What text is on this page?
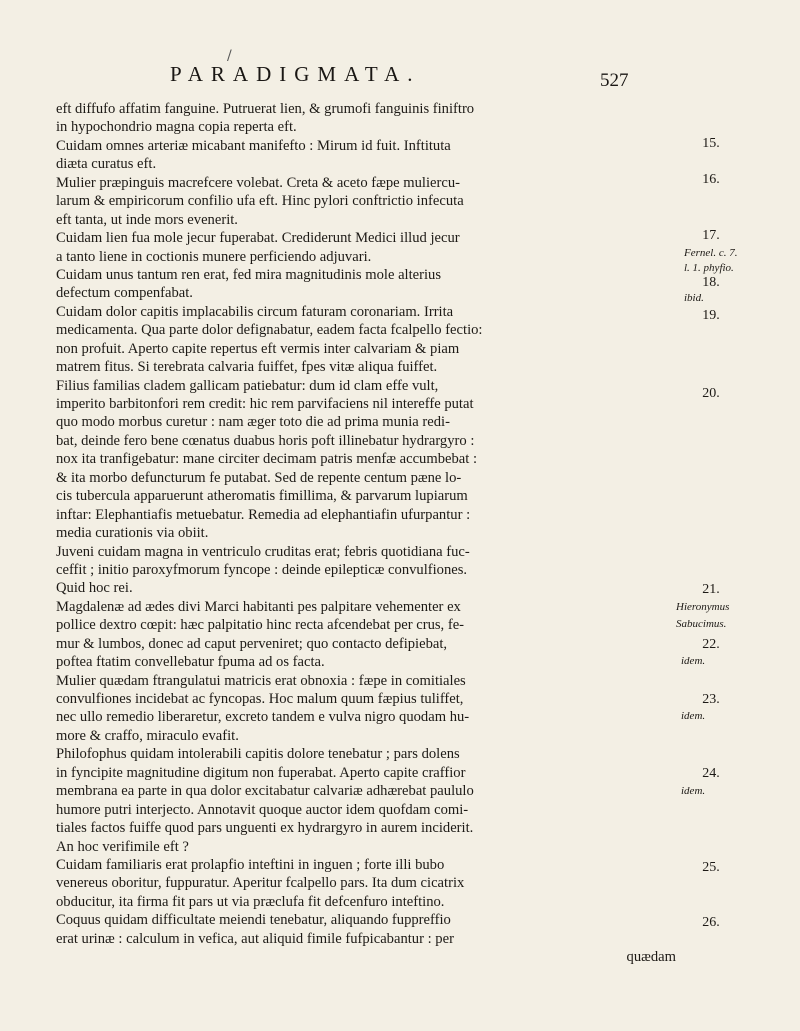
/
PARADIGMATA.	527
eft diffufo affatim fanguine. Putruerat lien, & grumofi fanguinis finiftro
in hypochondrio magna copia reperta eft.
Cuidam omnes arteriæ micabant manifefto : Mirum id fuit. Inftituta
diæta curatus eft.
Mulier præpinguis macrefcere volebat. Creta & aceto fæpe muliercu-
larum & empiricorum confilio ufa eft. Hinc pylori conftrictio infecuta
eft tanta, ut inde mors evenerit.
Cuidam lien fua mole jecur fuperabat. Crediderunt Medici illud jecur
a tanto liene in coctionis munere perficiendo adjuvari.
Cuidam unus tantum ren erat, fed mira magnitudinis mole alterius
defectum compenfabat.
Cuidam dolor capitis implacabilis circum faturam coronariam. Irrita
medicamenta. Qua parte dolor defignabatur, eadem facta fcalpello fectio:
non profuit. Aperto capite repertus eft vermis inter calvariam & piam
matrem fitus. Si terebrata calvaria fuiffet, fpes vitæ aliqua fuiffet.
Filius familias cladem gallicam patiebatur: dum id clam effe vult,
imperito barbitonfori rem credit: hic rem parvifaciens nil intereffe putat
quo modo morbus curetur : nam æger toto die ad prima munia redi-
bat, deinde fero bene cœnatus duabus horis poft illinebatur hydrargyro :
nox ita tranfigebatur: mane circiter decimam patris menfæ accumbebat :
& ita morbo defuncturum fe putabat. Sed de repente centum pæne lo-
cis tubercula apparuerunt atheromatis fimillima, & parvarum lupiarum
inftar: Elephantiafis metuebatur. Remedia ad elephantiafin ufurpantur :
media curationis via obiit.
Juveni cuidam magna in ventriculo cruditas erat; febris quotidiana fuc-
ceffit ; initio paroxyfmorum fyncope : deinde epilepticæ convulfiones.
Quid hoc rei.
Magdalenæ ad ædes divi Marci habitanti pes palpitare vehementer ex
pollice dextro cœpit: hæc palpitatio hinc recta afcendebat per crus, fe-
mur & lumbos, donec ad caput perveniret; quo contacto defipiebat,
poftea ftatim convellebatur fpuma ad os facta.
Mulier quædam ftrangulatui matricis erat obnoxia : fæpe in comitiales
convulfiones incidebat ac fyncopas. Hoc malum quum fæpius tuliffet,
nec ullo remedio liberaretur, excreto tandem e vulva nigro quodam hu-
more & craffo, miraculo evafit.
Philofophus quidam intolerabili capitis dolore tenebatur ; pars dolens
in fyncipite magnitudine digitum non fuperabat. Aperto capite craffior
membrana ea parte in qua dolor excitabatur calvariæ adhærebat paululo
humore putri interjecto. Annotavit quoque auctor idem quofdam comi-
tiales factos fuiffe quod pars unguenti ex hydrargyro in aurem inciderit.
An hoc verifimile eft ?
Cuidam familiaris erat prolapfio inteftini in inguen ; forte illi bubo
venereus oboritur, fuppuratur. Aperitur fcalpello pars. Ita dum cicatrix
obducitur, ita firma fit pars ut via præclufa fit defcenfuro inteftino.
Coquus quidam difficultate meiendi tenebatur, aliquando fuppreffio
erat urinæ : calculum in vefica, aut aliquid fimile fufpicabantur : per
quædam
15.
16.
17.
Fernel. c. 7.
l. 1. phyfio.
18.
ibid.
19.
20.
21.
Hieronymus
Sabucimus.
22.
idem.
23.
idem.
24.
idem.
25.
26.
